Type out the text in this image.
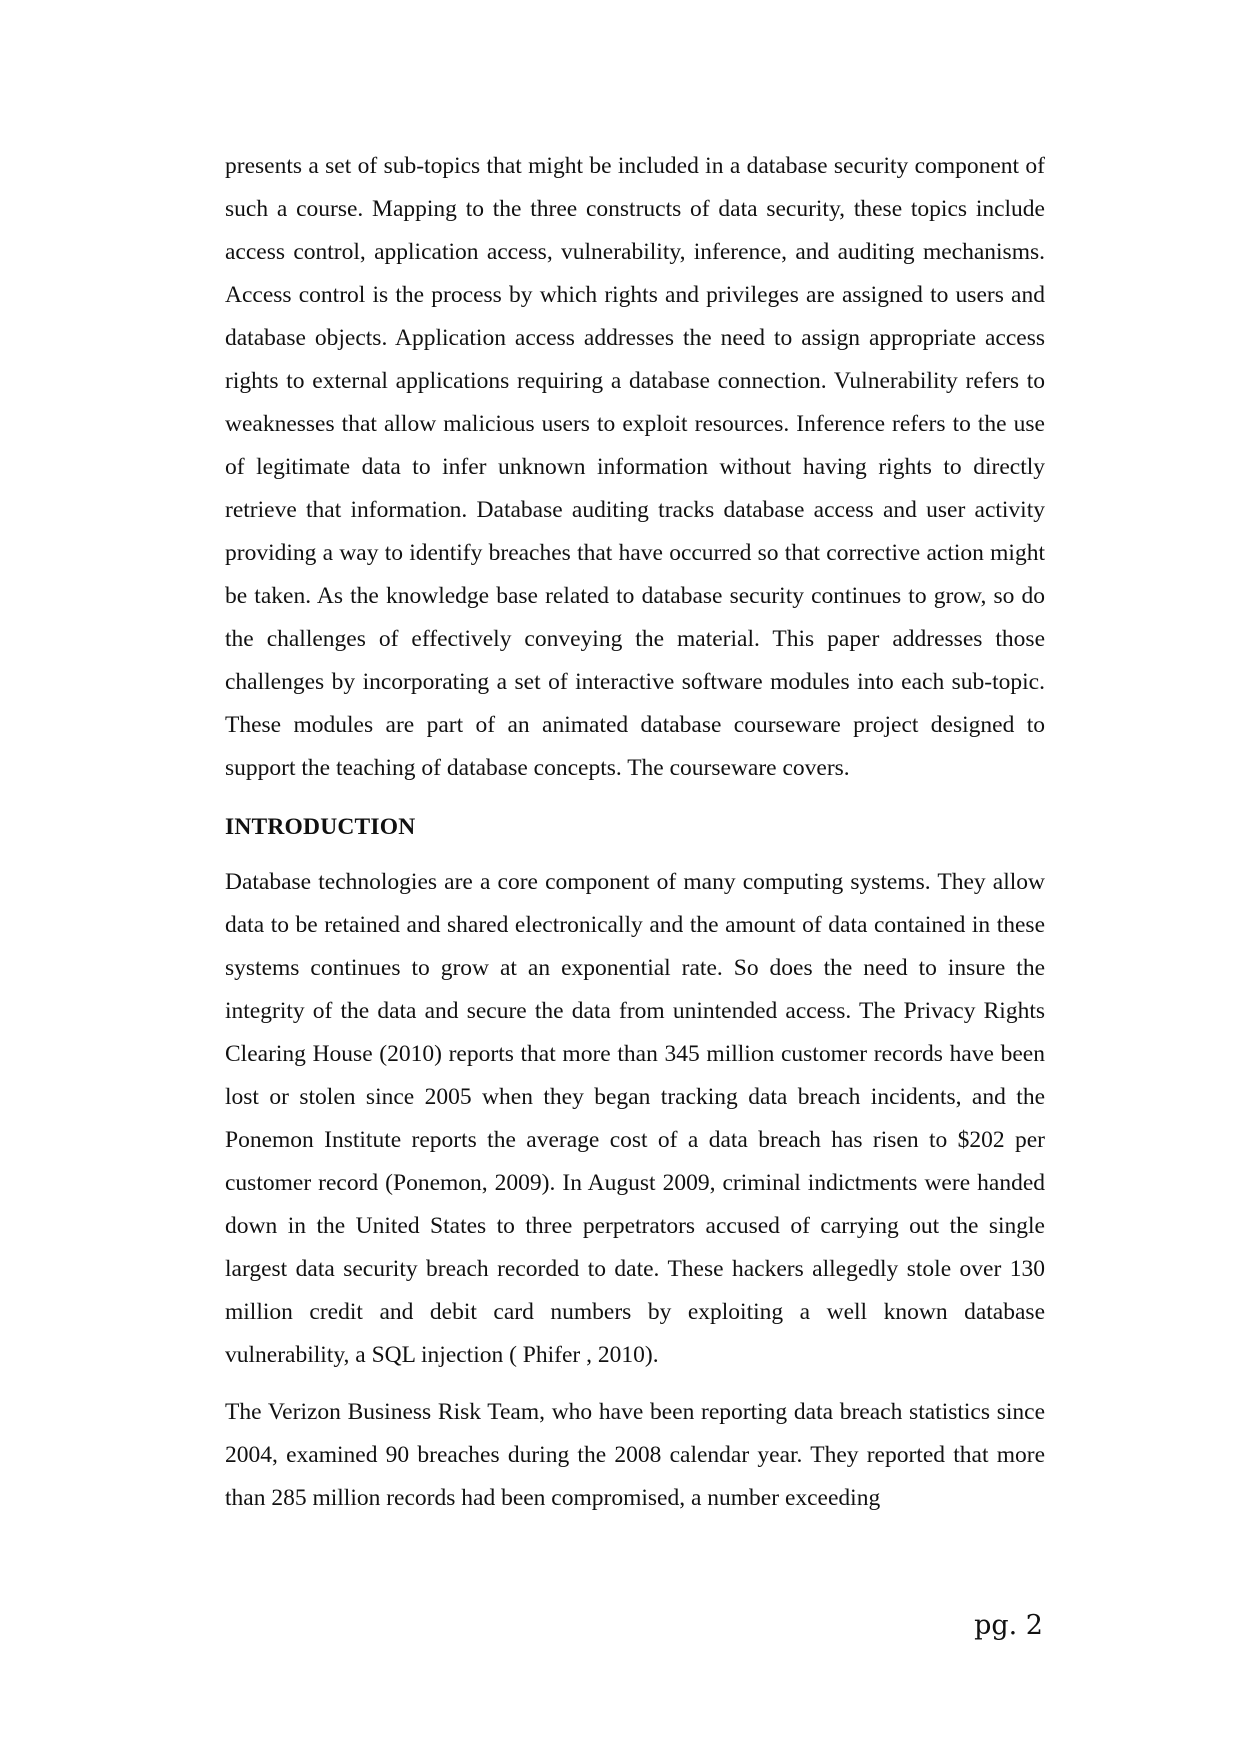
presents a set of sub-topics that might be included in a database security component of such a course. Mapping to the three constructs of data security, these topics include access control, application access, vulnerability, inference, and auditing mechanisms. Access control is the process by which rights and privileges are assigned to users and database objects. Application access addresses the need to assign appropriate access rights to external applications requiring a database connection. Vulnerability refers to weaknesses that allow malicious users to exploit resources. Inference refers to the use of legitimate data to infer unknown information without having rights to directly retrieve that information. Database auditing tracks database access and user activity providing a way to identify breaches that have occurred so that corrective action might be taken. As the knowledge base related to database security continues to grow, so do the challenges of effectively conveying the material. This paper addresses those challenges by incorporating a set of interactive software modules into each sub-topic. These modules are part of an animated database courseware project designed to support the teaching of database concepts. The courseware covers.

INTRODUCTION

Database technologies are a core component of many computing systems. They allow data to be retained and shared electronically and the amount of data contained in these systems continues to grow at an exponential rate. So does the need to insure the integrity of the data and secure the data from unintended access. The Privacy Rights Clearing House (2010) reports that more than 345 million customer records have been lost or stolen since 2005 when they began tracking data breach incidents, and the Ponemon Institute reports the average cost of a data breach has risen to $202 per customer record (Ponemon, 2009). In August 2009, criminal indictments were handed down in the United States to three perpetrators accused of carrying out the single largest data security breach recorded to date. These hackers allegedly stole over 130 million credit and debit card numbers by exploiting a well known database vulnerability, a SQL injection ( Phifer , 2010).

The Verizon Business Risk Team, who have been reporting data breach statistics since 2004, examined 90 breaches during the 2008 calendar year. They reported that more than 285 million records had been compromised, a number exceeding

pg. 2
